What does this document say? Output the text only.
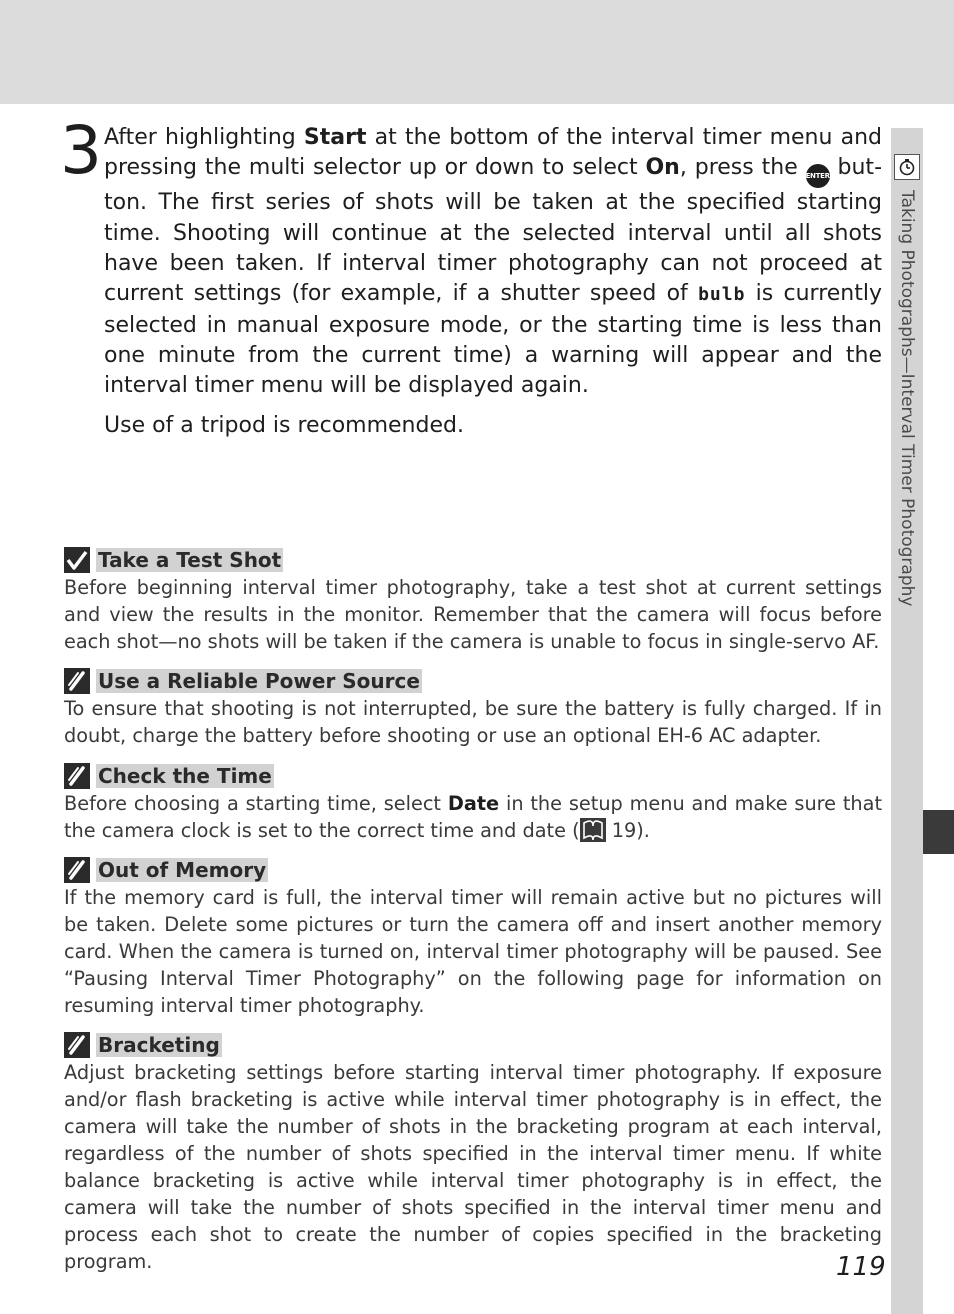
Taking Photographs—Interval Timer Photography
3 After highlighting Start at the bottom of the interval timer menu and pressing the multi selector up or down to select On, press the ENTER button. The first series of shots will be taken at the specified starting time. Shooting will continue at the selected interval until all shots have been taken. If interval timer photography can not proceed at current settings (for example, if a shutter speed of bulb is currently selected in manual exposure mode, or the starting time is less than one minute from the current time) a warning will appear and the interval timer menu will be displayed again.

Use of a tripod is recommended.
Take a Test Shot

Before beginning interval timer photography, take a test shot at current settings and view the results in the monitor. Remember that the camera will focus before each shot—no shots will be taken if the camera is unable to focus in single-servo AF.

Use a Reliable Power Source

To ensure that shooting is not interrupted, be sure the battery is fully charged. If in doubt, charge the battery before shooting or use an optional EH-6 AC adapter.

Check the Time

Before choosing a starting time, select Date in the setup menu and make sure that the camera clock is set to the correct time and date (
19).

Out of Memory

If the memory card is full, the interval timer will remain active but no pictures will be taken. Delete some pictures or turn the camera off and insert another memory card. When the camera is turned on, interval timer photography will be paused. See “Pausing Interval Timer Photography” on the following page for information on resuming interval timer photography.

Bracketing

Adjust bracketing settings before starting interval timer photography. If exposure and/or flash bracketing is active while interval timer photography is in effect, the camera will take the number of shots in the bracketing program at each interval, regardless of the number of shots specified in the interval timer menu. If white balance bracketing is active while interval timer photography is in effect, the camera will take the number of shots specified in the interval timer menu and process each shot to create the number of copies specified in the bracketing program.	119
